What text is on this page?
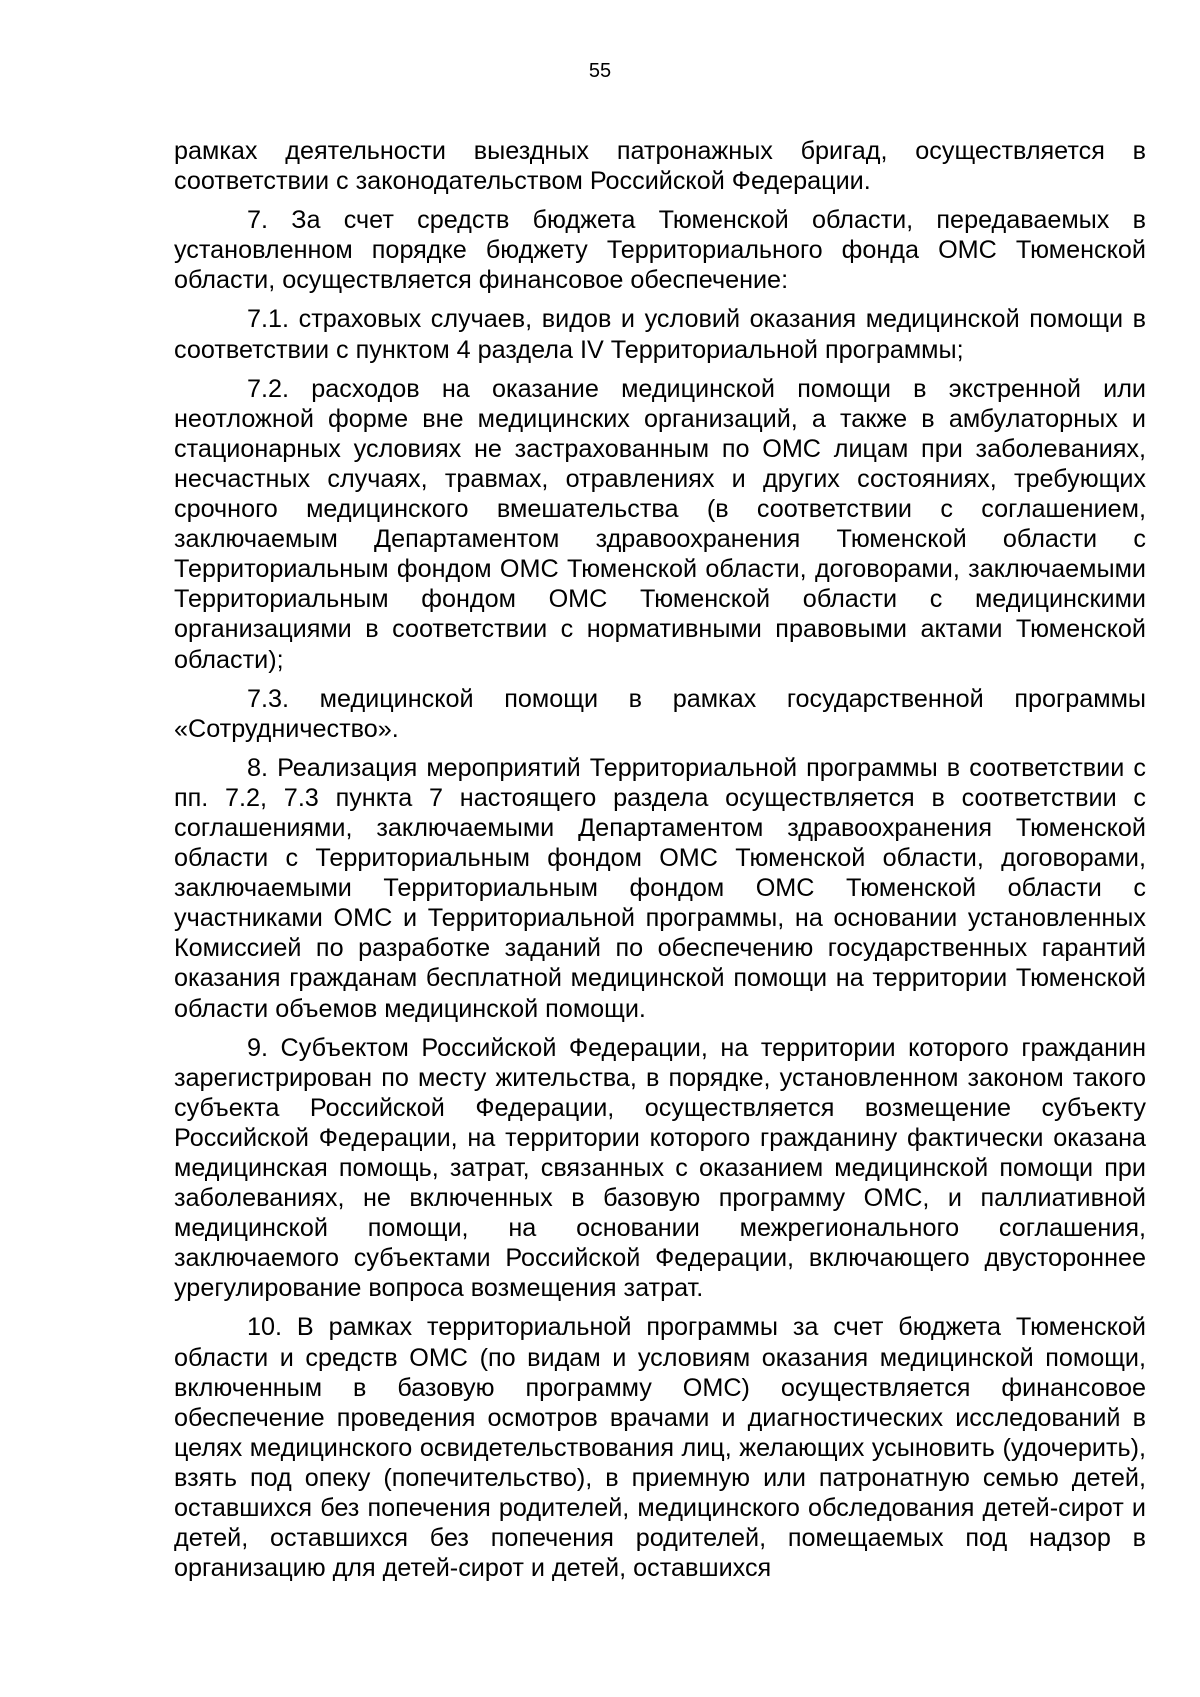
55

рамках деятельности выездных патронажных бригад, осуществляется в соответствии с законодательством Российской Федерации.

7. За счет средств бюджета Тюменской области, передаваемых в установленном порядке бюджету Территориального фонда ОМС Тюменской области, осуществляется финансовое обеспечение:

7.1. страховых случаев, видов и условий оказания медицинской помощи в соответствии с пунктом 4 раздела IV Территориальной программы;

7.2. расходов на оказание медицинской помощи в экстренной или неотложной форме вне медицинских организаций, а также в амбулаторных и стационарных условиях не застрахованным по ОМС лицам при заболеваниях, несчастных случаях, травмах, отравлениях и других состояниях, требующих срочного медицинского вмешательства (в соответствии с соглашением, заключаемым Департаментом здравоохранения Тюменской области с Территориальным фондом ОМС Тюменской области, договорами, заключаемыми Территориальным фондом ОМС Тюменской области с медицинскими организациями в соответствии с нормативными правовыми актами Тюменской области);

7.3. медицинской помощи в рамках государственной программы «Сотрудничество».

8. Реализация мероприятий Территориальной программы в соответствии с пп. 7.2, 7.3 пункта 7 настоящего раздела осуществляется в соответствии с соглашениями, заключаемыми Департаментом здравоохранения Тюменской области с Территориальным фондом ОМС Тюменской области, договорами, заключаемыми Территориальным фондом ОМС Тюменской области с участниками ОМС и Территориальной программы, на основании установленных Комиссией по разработке заданий по обеспечению государственных гарантий оказания гражданам бесплатной медицинской помощи на территории Тюменской области объемов медицинской помощи.

9. Субъектом Российской Федерации, на территории которого гражданин зарегистрирован по месту жительства, в порядке, установленном законом такого субъекта Российской Федерации, осуществляется возмещение субъекту Российской Федерации, на территории которого гражданину фактически оказана медицинская помощь, затрат, связанных с оказанием медицинской помощи при заболеваниях, не включенных в базовую программу ОМС, и паллиативной медицинской помощи, на основании межрегионального соглашения, заключаемого субъектами Российской Федерации, включающего двустороннее урегулирование вопроса возмещения затрат.

10. В рамках территориальной программы за счет бюджета Тюменской области и средств ОМС (по видам и условиям оказания медицинской помощи, включенным в базовую программу ОМС) осуществляется финансовое обеспечение проведения осмотров врачами и диагностических исследований в целях медицинского освидетельствования лиц, желающих усыновить (удочерить), взять под опеку (попечительство), в приемную или патронатную семью детей, оставшихся без попечения родителей, медицинского обследования детей-сирот и детей, оставшихся без попечения родителей, помещаемых под надзор в организацию для детей-сирот и детей, оставшихся
